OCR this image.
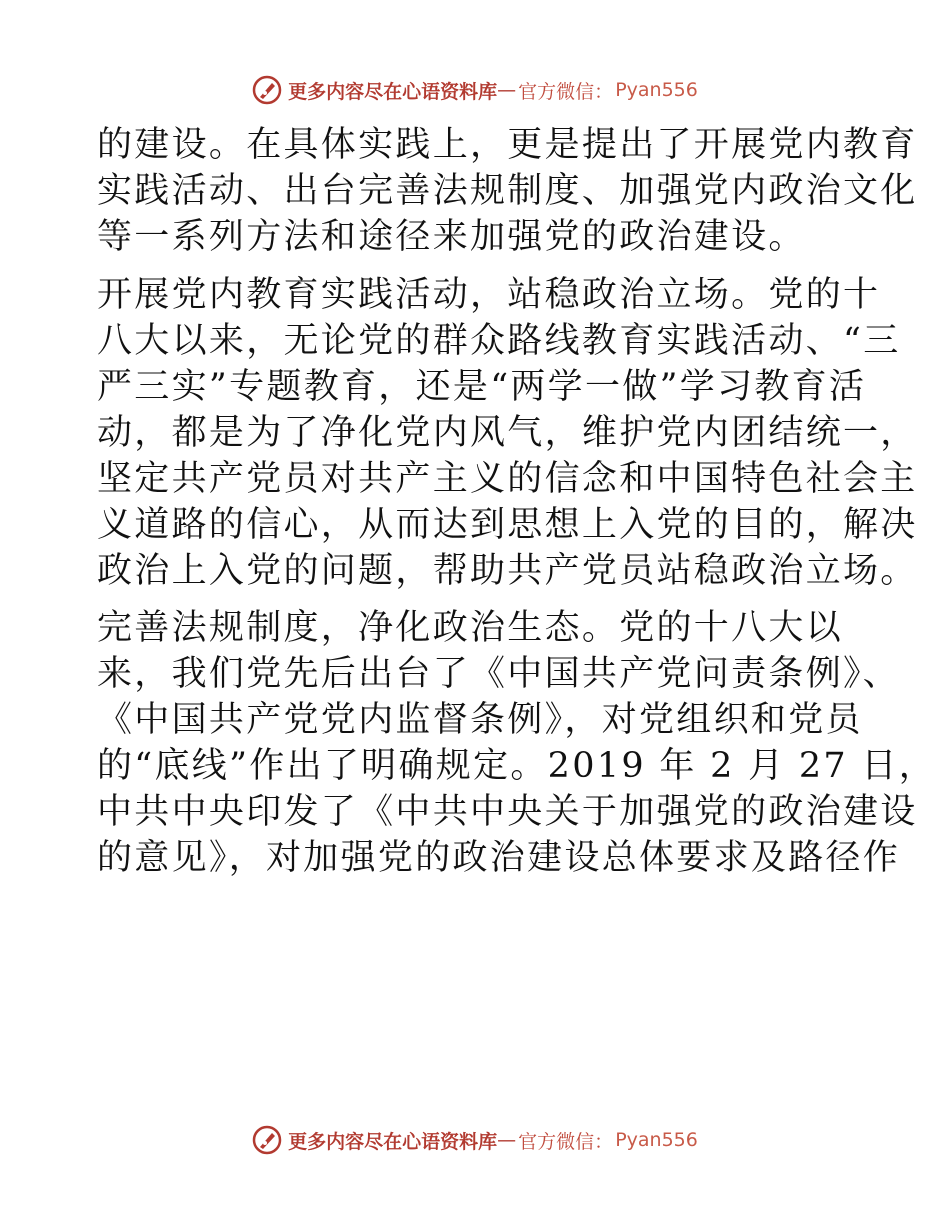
更多内容尽在心语资料库 — 官方微信： Pyan556
的建设。在具体实践上，更是提出了开展党内教育
实践活动、出台完善法规制度、加强党内政治文化
等一系列方法和途径来加强党的政治建设。
开展党内教育实践活动，站稳政治立场。党的十
八大以来，无论党的群众路线教育实践活动、“三
严三实”专题教育，还是“两学一做”学习教育活
动，都是为了净化党内风气，维护党内团结统一，
坚定共产党员对共产主义的信念和中国特色社会主
义道路的信心，从而达到思想上入党的目的，解决
政治上入党的问题，帮助共产党员站稳政治立场。
完善法规制度，净化政治生态。党的十八大以
来，我们党先后出台了《中国共产党问责条例》、
《中国共产党党内监督条例》，对党组织和党员
的“底线”作出了明确规定。2019 年 2 月 27 日，
中共中央印发了《中共中央关于加强党的政治建设
的意见》，对加强党的政治建设总体要求及路径作
更多内容尽在心语资料库 — 官方微信： Pyan556
